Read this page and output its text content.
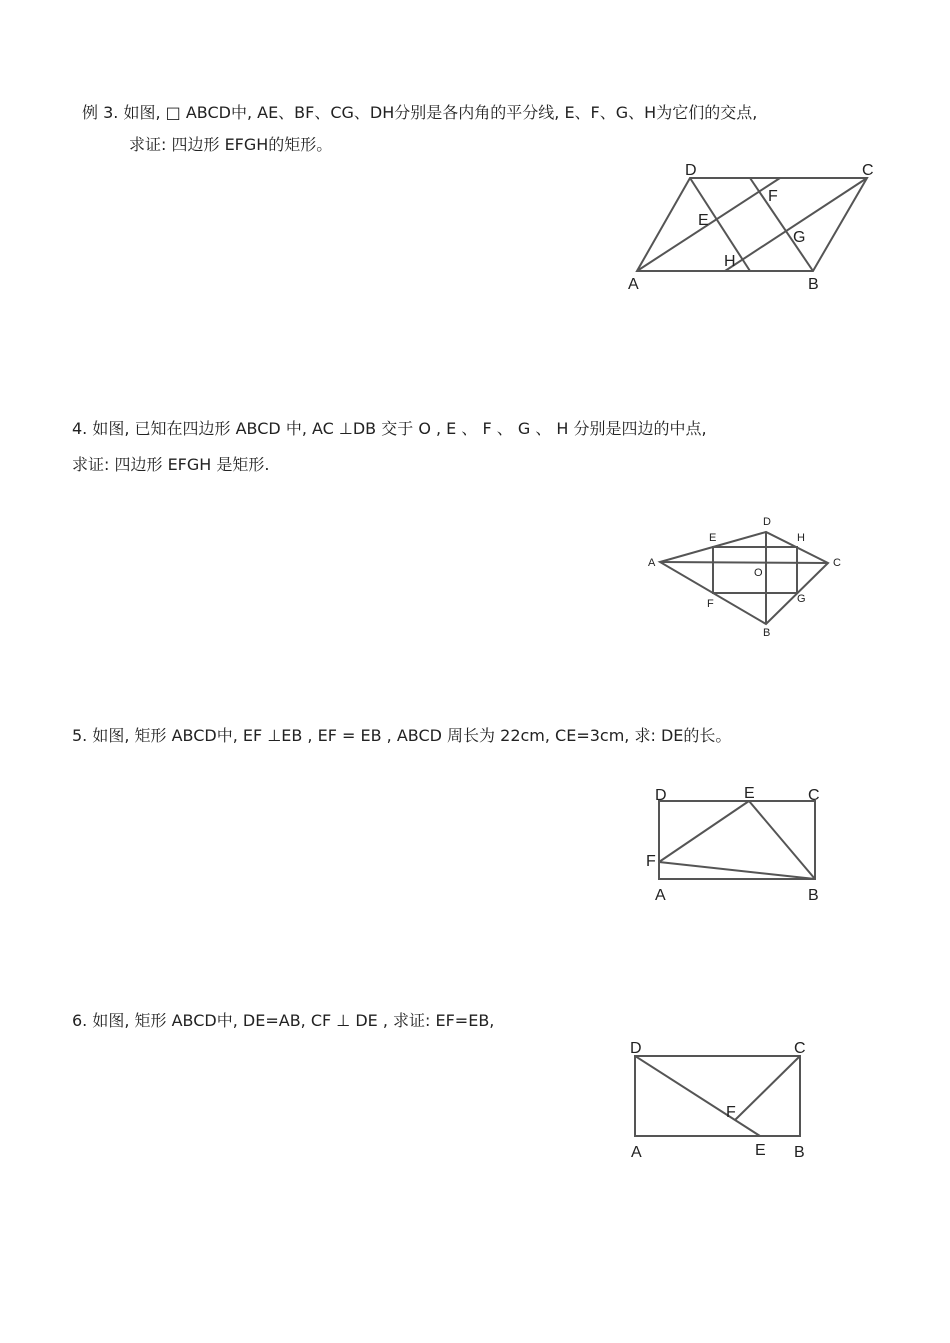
例 3. 如图, □ ABCD中, AE、BF、CG、DH分别是各内角的平分线, E、F、G、H为它们的交点,
求证: 四边形 EFGH的矩形。
A	B
C
D
E
F
G
H
4. 如图, 已知在四边形 ABCD 中, AC ⊥DB 交于 O , E 、 F 、 G 、 H 分别是四边的中点,
求证: 四边形 EFGH 是矩形.
A
B
C
D
E
F	G
H
O
5. 如图, 矩形 ABCD中, EF ⊥EB , EF = EB , ABCD 周长为 22cm, CE=3cm, 求: DE的长。
A	B
C
D	E
F
6. 如图, 矩形 ABCD中, DE=AB, CF ⊥ DE , 求证: EF=EB,
A	B
C
D
E
F
